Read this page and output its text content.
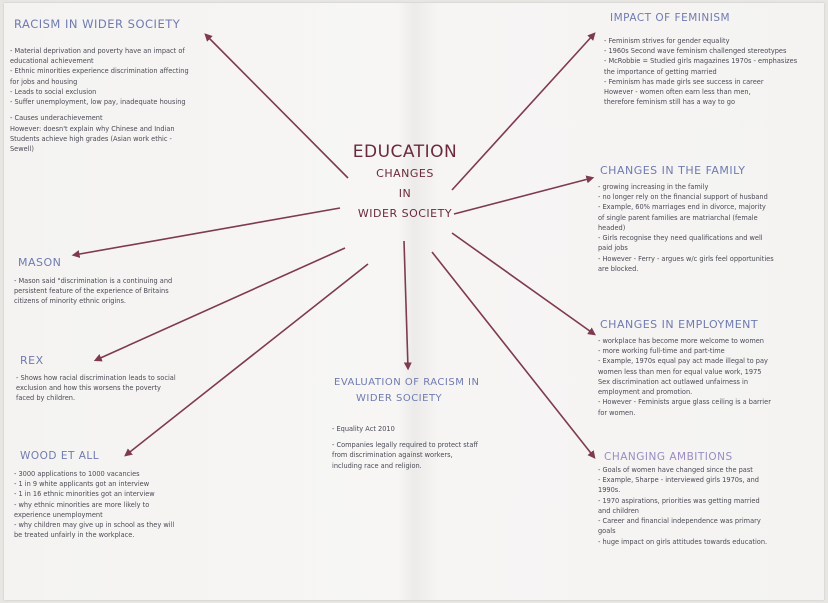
EDUCATION
CHANGES
IN
WIDER SOCIETY
RACISM IN WIDER SOCIETY
- Material deprivation and poverty have an impact of
educational achievement
- Ethnic minorities experience discrimination affecting
for jobs and housing
- Leads to social exclusion
- Suffer unemployment, low pay, inadequate housing
- Causes underachievement
However: doesn't explain why Chinese and Indian
Students achieve high grades (Asian work ethic -
Sewell)
MASON
- Mason said "discrimination is a continuing and
persistent feature of the experience of Britains
citizens of minority ethnic origins.
REX
- Shows how racial discrimination leads to social
exclusion and how this worsens the poverty
faced by children.
WOOD ET ALL
- 3000 applications to 1000 vacancies
- 1 in 9 white applicants got an interview
- 1 in 16 ethnic minorities got an interview
- why ethnic minorities are more likely to
experience unemployment
- why children may give up in school as they will
be treated unfairly in the workplace.
EVALUATION OF RACISM IN
WIDER SOCIETY
- Equality Act 2010
- Companies legally required to protect staff
from discrimination against workers,
including race and religion.
IMPACT OF FEMINISM
- Feminism strives for gender equality
- 1960s Second wave feminism challenged stereotypes
- McRobbie = Studied girls magazines 1970s - emphasizes
the importance of getting married
- Feminism has made girls see success in career
However - women often earn less than men,
therefore feminism still has a way to go
CHANGES IN THE FAMILY
- growing increasing in the family
- no longer rely on the financial support of husband
- Example, 60% marriages end in divorce, majority
of single parent families are matriarchal (female
headed)
- Girls recognise they need qualifications and well
paid jobs
- However - Ferry - argues w/c girls feel opportunities
are blocked.
CHANGES IN EMPLOYMENT
- workplace has become more welcome to women
- more working full-time and part-time
- Example, 1970s equal pay act made illegal to pay
women less than men for equal value work, 1975
Sex discrimination act outlawed unfairness in
employment and promotion.
- However - Feminists argue glass ceiling is a barrier
for women.
CHANGING AMBITIONS
- Goals of women have changed since the past
- Example, Sharpe - interviewed girls 1970s, and
1990s.
- 1970 aspirations, priorities was getting married
and children
- Career and financial independence was primary
goals
- huge impact on girls attitudes towards education.
